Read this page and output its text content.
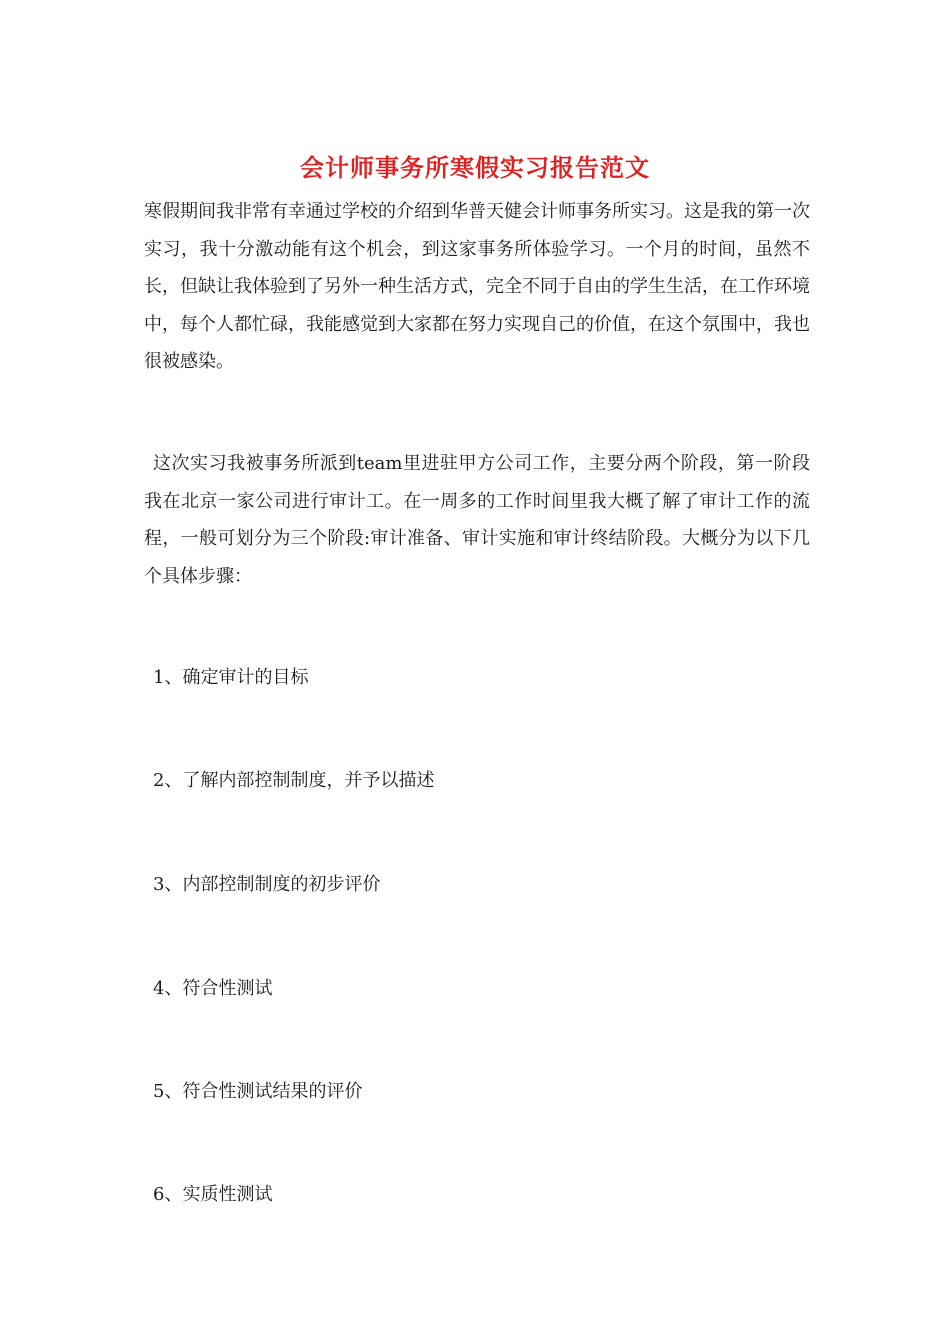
会计师事务所寒假实习报告范文

寒假期间我非常有幸通过学校的介绍到华普天健会计师事务所实习。这是我的第一次实习，我十分激动能有这个机会，到这家事务所体验学习。一个月的时间，虽然不长，但缺让我体验到了另外一种生活方式，完全不同于自由的学生生活，在工作环境中，每个人都忙碌，我能感觉到大家都在努力实现自己的价值，在这个氛围中，我也很被感染。

这次实习我被事务所派到team里进驻甲方公司工作，主要分两个阶段，第一阶段我在北京一家公司进行审计工。在一周多的工作时间里我大概了解了审计工作的流程，一般可划分为三个阶段:审计准备、审计实施和审计终结阶段。大概分为以下几个具体步骤：

1、确定审计的目标

2、了解内部控制制度，并予以描述

3、内部控制制度的初步评价

4、符合性测试

5、符合性测试结果的评价

6、实质性测试
